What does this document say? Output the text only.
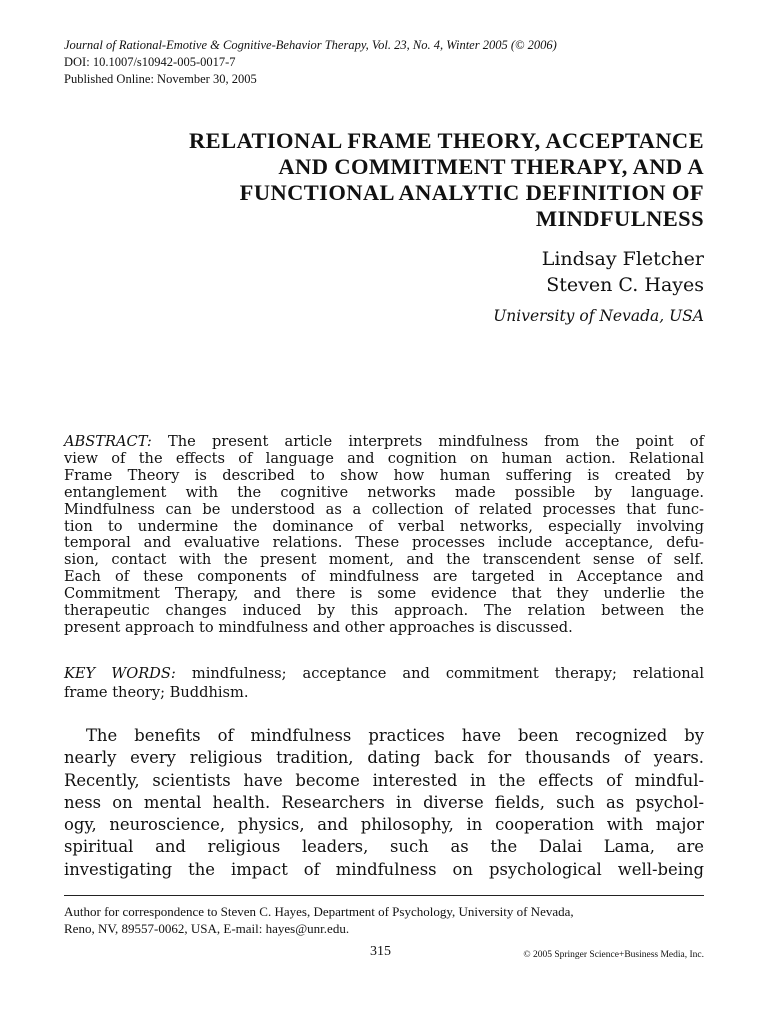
Journal of Rational-Emotive & Cognitive-Behavior Therapy, Vol. 23, No. 4, Winter 2005 (© 2006)
DOI: 10.1007/s10942-005-0017-7
Published Online: November 30, 2005
RELATIONAL FRAME THEORY, ACCEPTANCE
AND COMMITMENT THERAPY, AND A
FUNCTIONAL ANALYTIC DEFINITION OF
MINDFULNESS
Lindsay Fletcher
Steven C. Hayes
University of Nevada, USA

ABSTRACT: The present article interprets mindfulness from the point of
view of the effects of language and cognition on human action. Relational
Frame Theory is described to show how human suffering is created by
entanglement with the cognitive networks made possible by language.
Mindfulness can be understood as a collection of related processes that func-
tion to undermine the dominance of verbal networks, especially involving
temporal and evaluative relations. These processes include acceptance, defu-
sion, contact with the present moment, and the transcendent sense of self.
Each of these components of mindfulness are targeted in Acceptance and
Commitment Therapy, and there is some evidence that they underlie the
therapeutic changes induced by this approach. The relation between the
present approach to mindfulness and other approaches is discussed.

KEY WORDS: mindfulness; acceptance and commitment therapy; relational
frame theory; Buddhism.

The benefits of mindfulness practices have been recognized by
nearly every religious tradition, dating back for thousands of years.
Recently, scientists have become interested in the effects of mindful-
ness on mental health. Researchers in diverse fields, such as psychol-
ogy, neuroscience, physics, and philosophy, in cooperation with major
spiritual and religious leaders, such as the Dalai Lama, are
investigating the impact of mindfulness on psychological well-being

Author for correspondence to Steven C. Hayes, Department of Psychology, University of Nevada,
Reno, NV, 89557-0062, USA, E-mail: hayes@unr.edu.

315	© 2005 Springer Science+Business Media, Inc.
